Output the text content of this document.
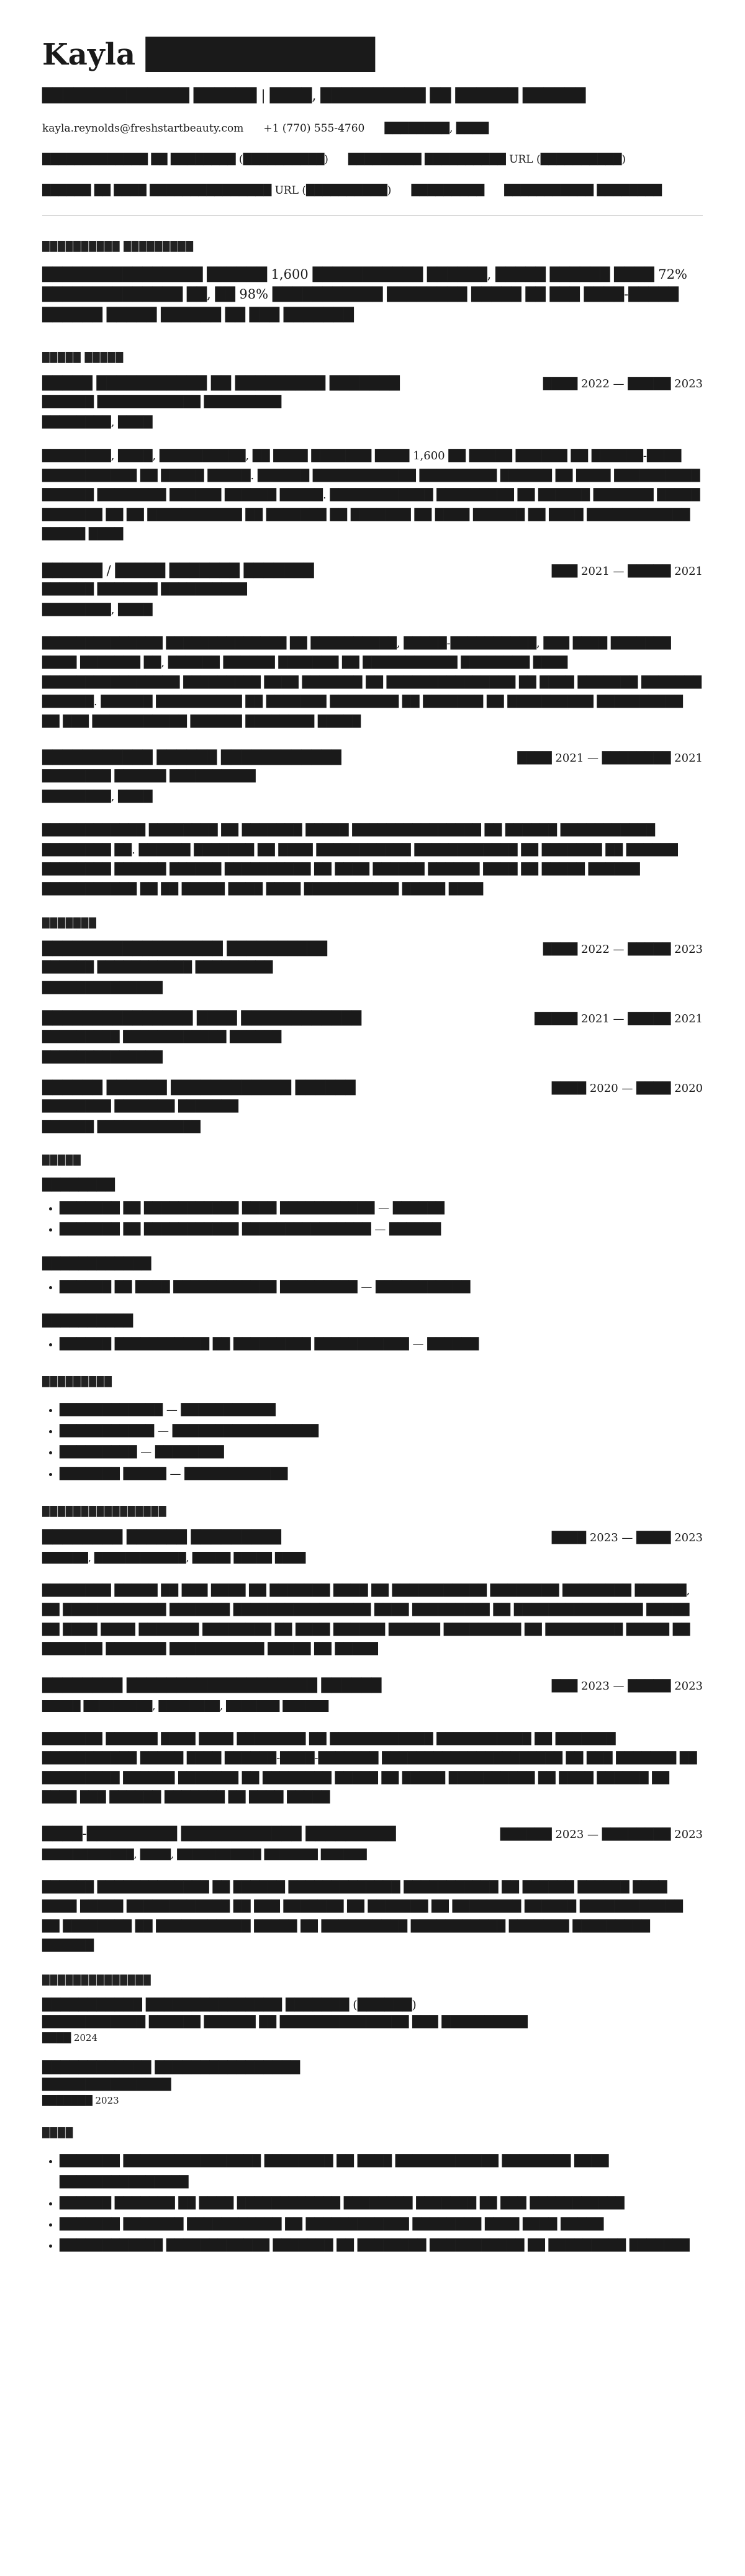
Kayla ██████████
██████████████ ██████ | ████, ██████████ ██ ██████ ██████
kayla.reynolds@freshstartbeauty.com +1 (770) 555-4760 ████████, ████
█████████████ ██ ████████ (██████████) █████████ ██████████ URL (██████████)
██████ ██ ████ ███████████████ URL (██████████) █████████ ███████████ ████████
██████████ █████████
████████████████ ██████ 1,600 ███████████ ██████, █████ ██████ ████ 72% ██████████████ ██, ██ 98% ███████████ ████████ █████ ██ ███ ████-█████ ██████ █████ ██████ ██ ███ ███████
█████ █████
█████ ███████████ ██ █████████ ███████	████ 2022 — █████ 2023
██████ ████████████ █████████
████████, ████
████████, ████, ██████████, ██ ████ ███████ ████ 1,600 ██ █████ ██████ ██ ██████-████ ███████████ ██ █████ █████. ██████ ████████████ █████████ ██████ ██ ████ ██████████ ██████ ████████ ██████ ██████ █████. ████████████ █████████ ██ ██████ ███████ █████ ███████ ██ ██ ███████████ ██ ███████ ██ ███████ ██ ████ ██████ ██ ████ ████████████ █████ ████
██████ / █████ ███████ ███████	███ 2021 — █████ 2021
██████ ███████ ██████████
████████, ████
██████████████ ██████████████ ██ ██████████, █████-██████████, ███ ████ ███████ ████ ███████ ██, ██████ ██████ ███████ ██ ███████████ ████████ ████ ████████████████ █████████ ████ ███████ ██ ███████████████ ██ ████ ███████ ███████ ██████. ██████ ██████████ ██ ███████ ████████ ██ ███████ ██ ██████████ ██████████ ██ ███ ███████████ ██████ ████████ █████
███████████ ██████ ████████████	████ 2021 — ████████ 2021
████████ ██████ ██████████
████████, ████
████████████ ████████ ██ ███████ █████ ███████████████ ██ ██████ ███████████ ████████ ██. ██████ ███████ ██ ████ ███████████ ████████████ ██ ███████ ██ ██████ ████████ ██████ ██████ ██████████ ██ ████ ██████ ██████ ████ ██ █████ ██████ ███████████ ██ ██ █████ ████ ████ ███████████ █████ ████
███████
██████████████████ ██████████	████ 2022 — █████ 2023
██████ ███████████ █████████
██████████████
███████████████ ████ ████████████	█████ 2021 — █████ 2021
█████████ ████████████ ██████
██████████████
██████ ██████ ████████████ ██████	████ 2020 — ████ 2020
████████ ███████ ███████
██████ ████████████
█████
████████
• ███████ ██ ███████████ ████ ███████████ — ██████
• ███████ ██ ███████████ ███████████████ — ██████
████████████
• ██████ ██ ████ ████████████ █████████ — ███████████
██████████
• ██████ ███████████ ██ █████████ ███████████ — ██████
█████████
• ████████████ — ███████████
• ███████████ — █████████████████
• █████████ — ████████
• ███████ █████ — ████████████
████████████████
████████ ██████ █████████	████ 2023 — ████ 2023
██████, ████████████, █████ █████ ████
████████ █████ ██ ███ ████ ██ ███████ ████ ██ ███████████ ████████ ████████ ██████, ██ ████████████ ███████ ████████████████ ████ █████████ ██ ███████████████ █████ ██ ████ ████ ███████ ████████ ██ ████ ██████ ██████ █████████ ██ █████████ █████ ██ ███████ ███████ ███████████ █████ ██ █████
████████ ███████████████████ ██████	███ 2023 — █████ 2023
█████ █████████, ████████, ███████ ██████
███████ ██████ ████ ████ ████████ ██ ████████████ ███████████ ██ ███████ ███████████ █████ ████ ██████-████-███████ █████████████████████ ██ ███ ███████ ██ █████████ ██████ ███████ ██ ████████ █████ ██ █████ ██████████ ██ ████ ██████ ██ ████ ███ ██████ ███████ ██ ████ █████
████-█████████ ████████████ █████████	██████ 2023 — ████████ 2023
████████████, ████, ███████████ ███████ ██████
██████ █████████████ ██ ██████ █████████████ ███████████ ██ ██████ ██████ ████ ████ █████ ████████████ ██ ███ ███████ ██ ███████ ██ ████████ ██████ ████████████ ██ ████████ ██ ███████████ █████ ██ ██████████ ███████████ ███████ █████████ ██████
██████████████
███████████ ███████████████ ███████ (██████)
████████████ ██████ ██████ ██ ███████████████ ███ ██████████
████ 2024
████████████ ████████████████
███████████████
███████ 2023
████
• ███████ ████████████████ ████████ ██ ████ ████████████ ████████ ████ ███████████████
• ██████ ███████ ██ ████ ████████████ ████████ ███████ ██ ███ ███████████
• ███████ ███████ ███████████ ██ ████████████ ████████ ████ ████ █████
• ████████████ ████████████ ███████ ██ ████████ ███████████ ██ █████████ ███████
